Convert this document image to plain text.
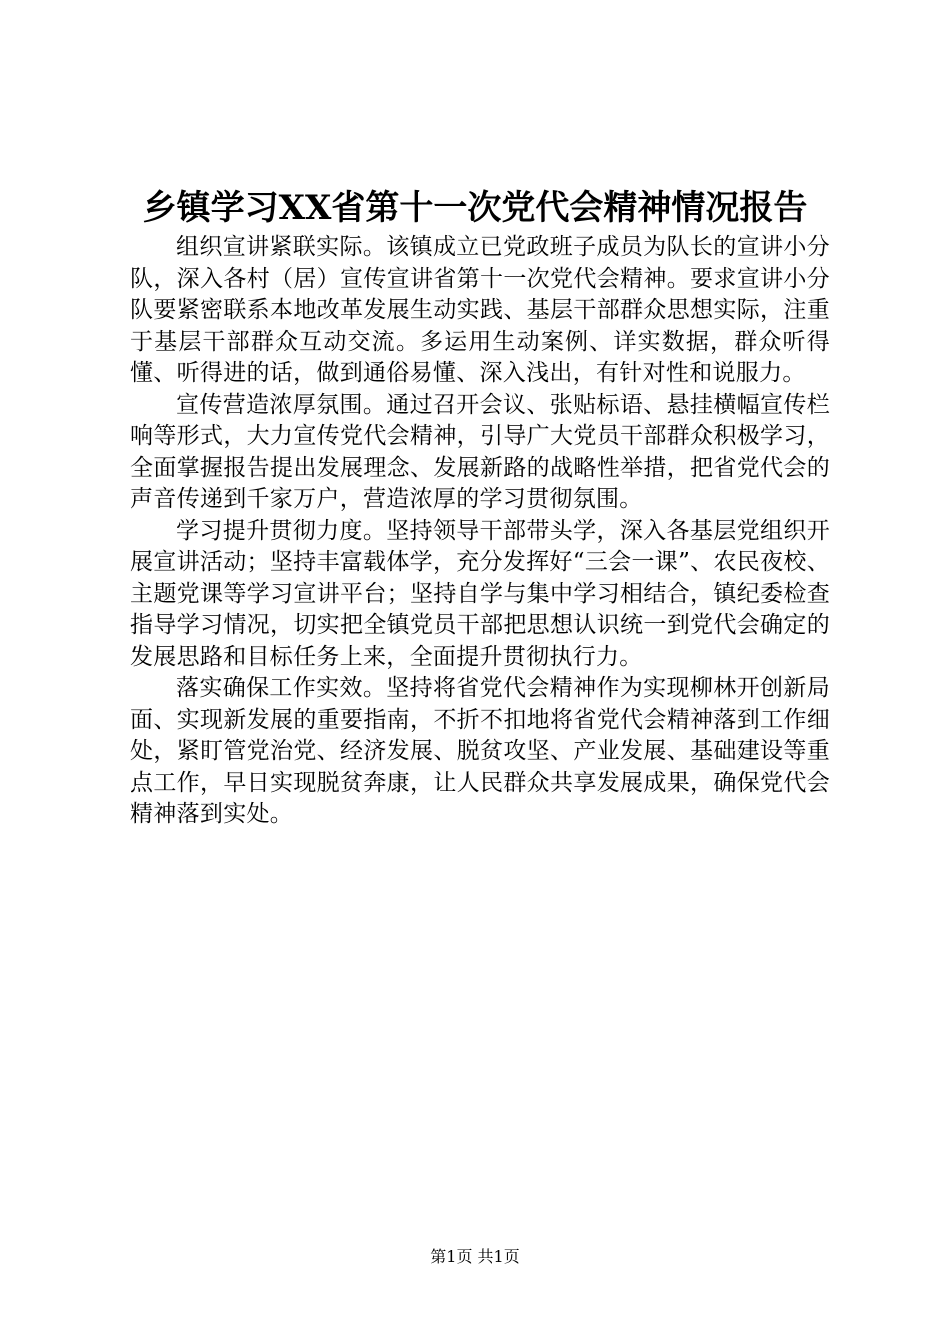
乡镇学习XX省第十一次党代会精神情况报告

组织宣讲紧联实际。该镇成立已党政班子成员为队长的宣讲小分队，深入各村（居）宣传宣讲省第十一次党代会精神。要求宣讲小分队要紧密联系本地改革发展生动实践、基层干部群众思想实际，注重于基层干部群众互动交流。多运用生动案例、详实数据，群众听得懂、听得进的话，做到通俗易懂、深入浅出，有针对性和说服力。

宣传营造浓厚氛围。通过召开会议、张贴标语、悬挂横幅宣传栏响等形式，大力宣传党代会精神，引导广大党员干部群众积极学习，全面掌握报告提出发展理念、发展新路的战略性举措，把省党代会的声音传递到千家万户，营造浓厚的学习贯彻氛围。

学习提升贯彻力度。坚持领导干部带头学，深入各基层党组织开展宣讲活动；坚持丰富载体学，充分发挥好“三会一课”、农民夜校、主题党课等学习宣讲平台；坚持自学与集中学习相结合，镇纪委检查指导学习情况，切实把全镇党员干部把思想认识统一到党代会确定的发展思路和目标任务上来，全面提升贯彻执行力。

落实确保工作实效。坚持将省党代会精神作为实现柳林开创新局面、实现新发展的重要指南，不折不扣地将省党代会精神落到工作细处，紧盯管党治党、经济发展、脱贫攻坚、产业发展、基础建设等重点工作，早日实现脱贫奔康，让人民群众共享发展成果，确保党代会精神落到实处。

第1页 共1页
